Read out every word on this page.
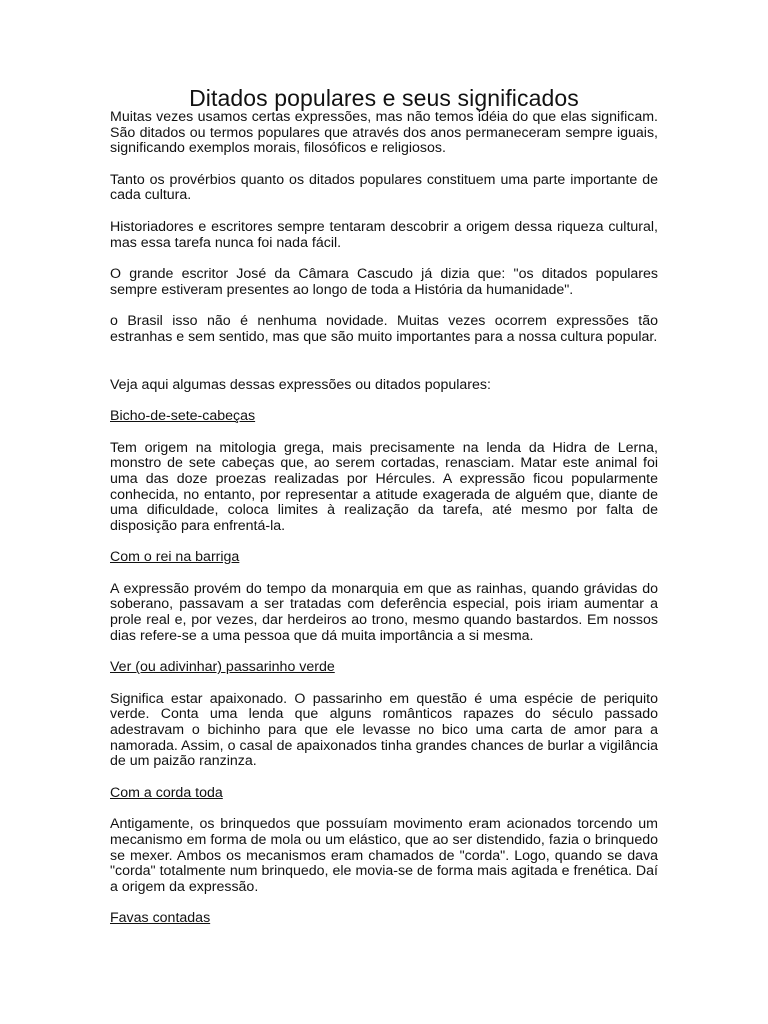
Ditados populares e seus significados

Muitas vezes usamos certas expressões, mas não temos idéia do que elas significam. São ditados ou termos populares que através dos anos permaneceram sempre iguais, significando exemplos morais, filosóficos e religiosos.

Tanto os provérbios quanto os ditados populares constituem uma parte importante de cada cultura.

Historiadores e escritores sempre tentaram descobrir a origem dessa riqueza cultural, mas essa tarefa nunca foi nada fácil.

O grande escritor José da Câmara Cascudo já dizia que: "os ditados populares sempre estiveram presentes ao longo de toda a História da humanidade".

o Brasil isso não é nenhuma novidade. Muitas vezes ocorrem expressões tão estranhas e sem sentido, mas que são muito importantes para a nossa cultura popular.

Veja aqui algumas dessas expressões ou ditados populares:

Bicho-de-sete-cabeças

Tem origem na mitologia grega, mais precisamente na lenda da Hidra de Lerna, monstro de sete cabeças que, ao serem cortadas, renasciam. Matar este animal foi uma das doze proezas realizadas por Hércules. A expressão ficou popularmente conhecida, no entanto, por representar a atitude exagerada de alguém que, diante de uma dificuldade, coloca limites à realização da tarefa, até mesmo por falta de disposição para enfrentá-la.

Com o rei na barriga

A expressão provém do tempo da monarquia em que as rainhas, quando grávidas do soberano, passavam a ser tratadas com deferência especial, pois iriam aumentar a prole real e, por vezes, dar herdeiros ao trono, mesmo quando bastardos. Em nossos dias refere-se a uma pessoa que dá muita importância a si mesma.

Ver (ou adivinhar) passarinho verde

Significa estar apaixonado. O passarinho em questão é uma espécie de periquito verde. Conta uma lenda que alguns românticos rapazes do século passado adestravam o bichinho para que ele levasse no bico uma carta de amor para a namorada. Assim, o casal de apaixonados tinha grandes chances de burlar a vigilância de um paizão ranzinza.

Com a corda toda

Antigamente, os brinquedos que possuíam movimento eram acionados torcendo um mecanismo em forma de mola ou um elástico, que ao ser distendido, fazia o brinquedo se mexer. Ambos os mecanismos eram chamados de "corda". Logo, quando se dava "corda" totalmente num brinquedo, ele movia-se de forma mais agitada e frenética. Daí a origem da expressão.

Favas contadas
